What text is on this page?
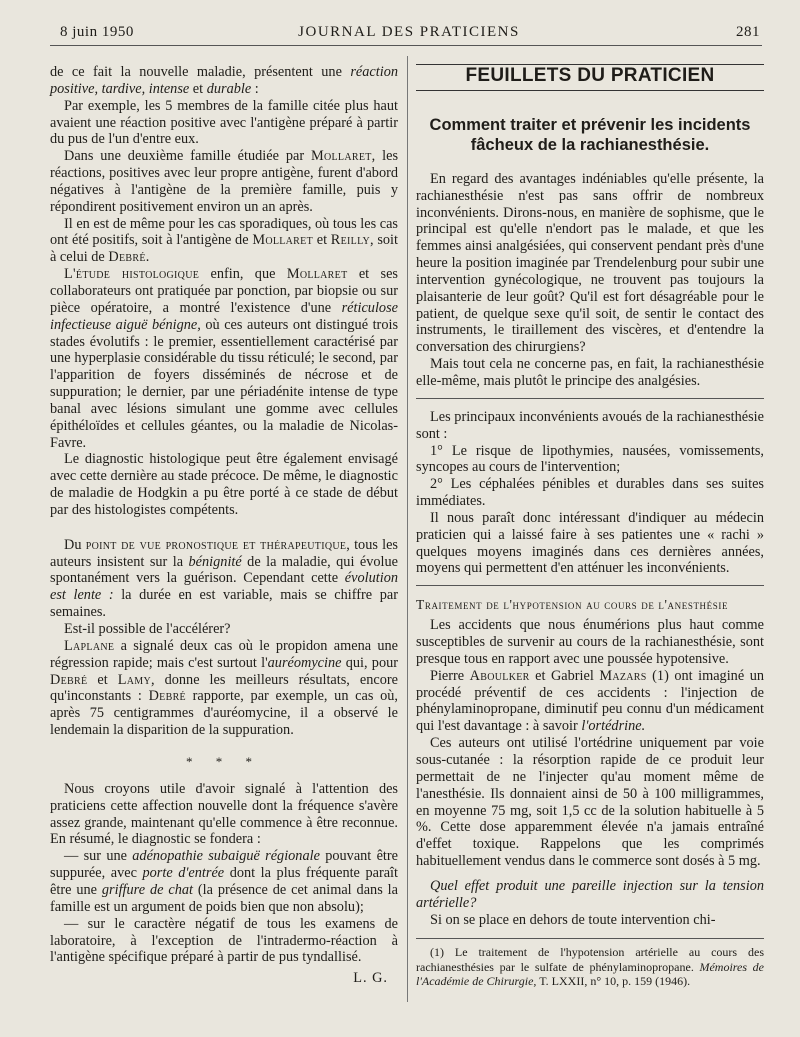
8 juin 1950	JOURNAL DES PRATICIENS	281

de ce fait la nouvelle maladie, présentent une réaction positive, tardive, intense et durable :

Par exemple, les 5 membres de la famille citée plus haut avaient une réaction positive avec l'antigène préparé à partir du pus de l'un d'entre eux.

Dans une deuxième famille étudiée par Mollaret, les réactions, positives avec leur propre antigène, furent d'abord négatives à l'antigène de la première famille, puis y répondirent positivement environ un an après.

Il en est de même pour les cas sporadiques, où tous les cas ont été positifs, soit à l'antigène de Mollaret et Reilly, soit à celui de Debré.

L'étude histologique enfin, que Mollaret et ses collaborateurs ont pratiquée par ponction, par biopsie ou sur pièce opératoire, a montré l'existence d'une réticulose infectieuse aiguë bénigne, où ces auteurs ont distingué trois stades évolutifs : le premier, essentiellement caractérisé par une hyperplasie considérable du tissu réticulé; le second, par l'apparition de foyers disséminés de nécrose et de suppuration; le dernier, par une périadénite intense de type banal avec lésions simulant une gomme avec cellules épithéloïdes et cellules géantes, ou la maladie de Nicolas-Favre.

Le diagnostic histologique peut être également envisagé avec cette dernière au stade précoce. De même, le diagnostic de maladie de Hodgkin a pu être porté à ce stade de début par des histologistes compétents.

Du point de vue pronostique et thérapeutique, tous les auteurs insistent sur la bénignité de la maladie, qui évolue spontanément vers la guérison. Cependant cette évolution est lente : la durée en est variable, mais se chiffre par semaines.

Est-il possible de l'accélérer?

Laplane a signalé deux cas où le propidon amena une régression rapide; mais c'est surtout l'auréomycine qui, pour Debré et Lamy, donne les meilleurs résultats, encore qu'inconstants : Debré rapporte, par exemple, un cas où, après 75 centigrammes d'auréomycine, il a observé le lendemain la disparition de la suppuration.

* * *

Nous croyons utile d'avoir signalé à l'attention des praticiens cette affection nouvelle dont la fréquence s'avère assez grande, maintenant qu'elle commence à être reconnue. En résumé, le diagnostic se fondera :

— sur une adénopathie subaiguë régionale pouvant être suppurée, avec porte d'entrée dont la plus fréquente paraît être une griffure de chat (la présence de cet animal dans la famille est un argument de poids bien que non absolu);

— sur le caractère négatif de tous les examens de laboratoire, à l'exception de l'intradermo-réaction à l'antigène spécifique préparé à partir de pus tyndallisé.

L. G.

FEUILLETS DU PRATICIEN
Comment traiter et prévenir les incidents fâcheux de la rachianesthésie.

En regard des avantages indéniables qu'elle présente, la rachianesthésie n'est pas sans offrir de nombreux inconvénients. Dirons-nous, en manière de sophisme, que le principal est qu'elle n'endort pas le malade, et que les femmes ainsi analgésiées, qui conservent pendant près d'une heure la position imaginée par Trendelenburg pour subir une intervention gynécologique, ne trouvent pas toujours la plaisanterie de leur goût? Qu'il est fort désagréable pour le patient, de quelque sexe qu'il soit, de sentir le contact des instruments, le tiraillement des viscères, et d'entendre la conversation des chirurgiens?

Mais tout cela ne concerne pas, en fait, la rachianesthésie elle-même, mais plutôt le principe des analgésies.

Les principaux inconvénients avoués de la rachianesthésie sont :

1° Le risque de lipothymies, nausées, vomissements, syncopes au cours de l'intervention;

2° Les céphalées pénibles et durables dans ses suites immédiates.

Il nous paraît donc intéressant d'indiquer au médecin praticien qui a laissé faire à ses patientes une « rachi » quelques moyens imaginés dans ces dernières années, moyens qui permettent d'en atténuer les inconvénients.

Traitement de l'hypotension au cours de l'anesthésie

Les accidents que nous énumérions plus haut comme susceptibles de survenir au cours de la rachianesthésie, sont presque tous en rapport avec une poussée hypotensive.

Pierre Aboulker et Gabriel Mazars (1) ont imaginé un procédé préventif de ces accidents : l'injection de phénylaminopropane, diminutif peu connu d'un médicament qui l'est davantage : à savoir l'ortédrine.

Ces auteurs ont utilisé l'ortédrine uniquement par voie sous-cutanée : la résorption rapide de ce produit leur permettait de ne l'injecter qu'au moment même de l'anesthésie. Ils donnaient ainsi de 50 à 100 milligrammes, en moyenne 75 mg, soit 1,5 cc de la solution habituelle à 5 %. Cette dose apparemment élevée n'a jamais entraîné d'effet toxique. Rappelons que les comprimés habituellement vendus dans le commerce sont dosés à 5 mg.

Quel effet produit une pareille injection sur la tension artérielle?

Si on se place en dehors de toute intervention chi-

(1) Le traitement de l'hypotension artérielle au cours des rachianesthésies par le sulfate de phénylaminopropane. Mémoires de l'Académie de Chirurgie, T. LXXII, n° 10, p. 159 (1946).
